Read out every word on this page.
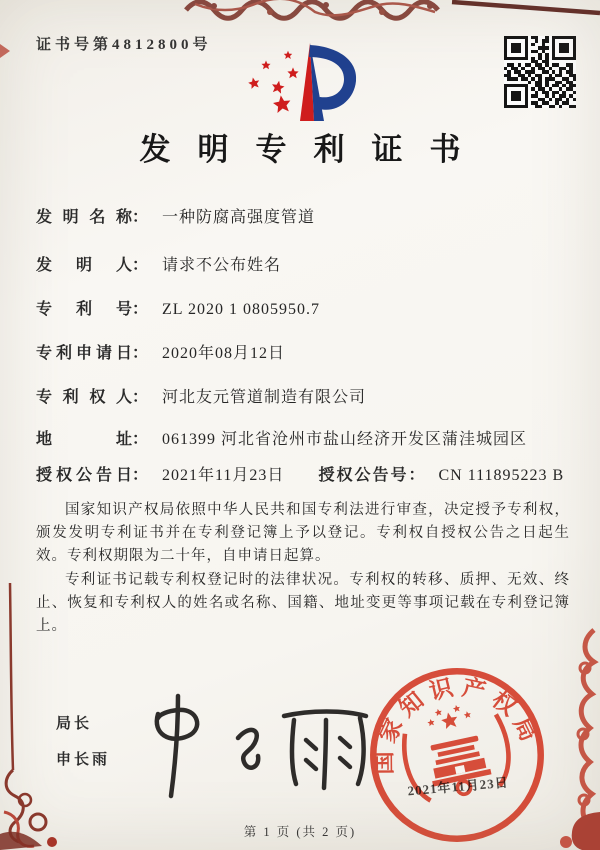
证书号第4812800号
发明专利证书
发明名称： 一种防腐高强度管道
发明人： 请求不公布姓名
专利号： ZL 2020 1 0805950.7
专利申请日： 2020年08月12日
专利权人： 河北友元管道制造有限公司
地址： 061399 河北省沧州市盐山经济开发区蒲洼城园区
授权公告日： 2021年11月23日 授权公告号： CN 111895223 B

国家知识产权局依照中华人民共和国专利法进行审查，决定授予专利权，颁发发明专利证书并在专利登记簿上予以登记。专利权自授权公告之日起生效。专利权期限为二十年，自申请日起算。

专利证书记载专利权登记时的法律状况。专利权的转移、质押、无效、终止、恢复和专利权人的姓名或名称、国籍、地址变更等事项记载在专利登记簿上。

局长
申长雨	国家知识产权局
2021年11月23日
第 1 页 (共 2 页)
